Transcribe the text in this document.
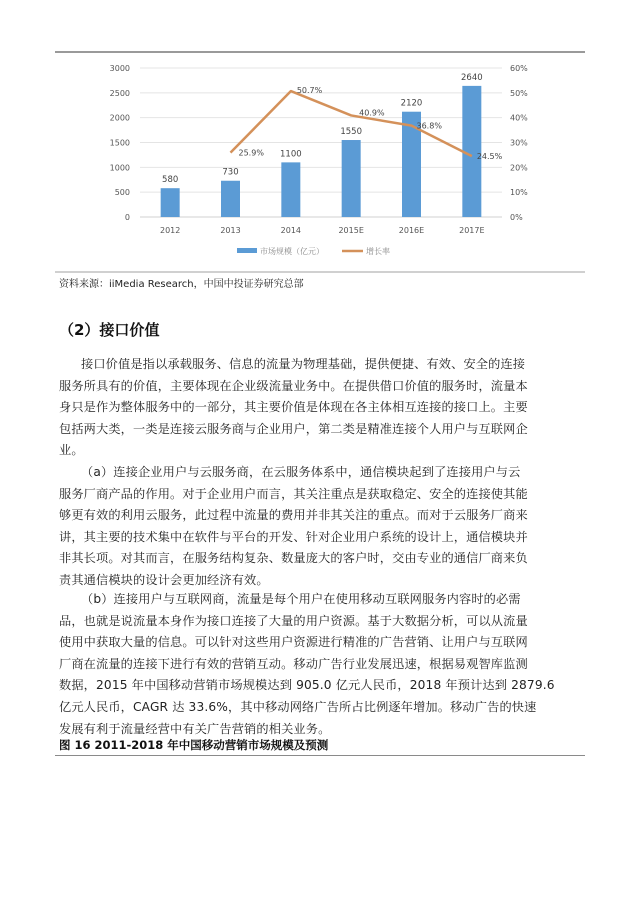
0
500
1000
1500
2000
2500
3000
0%
10%
20%
30%
40%
50%
60%
580
730
1100
1550
2120
2640
25.9%
50.7%
40.9%
36.8%
24.5%
2012	2013	2014	2015E	2016E	2017E
市场规模（亿元）	增长率
资料来源：iiMedia Research，中国中投证券研究总部
（2）接口价值
接口价值是指以承载服务、信息的流量为物理基础，提供便捷、有效、安全的连接
服务所具有的价值，主要体现在企业级流量业务中。在提供借口价值的服务时，流量本
身只是作为整体服务中的一部分，其主要价值是体现在各主体相互连接的接口上。主要
包括两大类，一类是连接云服务商与企业用户，第二类是精准连接个人用户与互联网企
业。
（a）连接企业用户与云服务商，在云服务体系中，通信模块起到了连接用户与云
服务厂商产品的作用。对于企业用户而言，其关注重点是获取稳定、安全的连接使其能
够更有效的利用云服务，此过程中流量的费用并非其关注的重点。而对于云服务厂商来
讲，其主要的技术集中在软件与平台的开发、针对企业用户系统的设计上，通信模块并
非其长项。对其而言，在服务结构复杂、数量庞大的客户时，交由专业的通信厂商来负
责其通信模块的设计会更加经济有效。
（b）连接用户与互联网商，流量是每个用户在使用移动互联网服务内容时的必需
品，也就是说流量本身作为接口连接了大量的用户资源。基于大数据分析，可以从流量
使用中获取大量的信息。可以针对这些用户资源进行精准的广告营销、让用户与互联网
厂商在流量的连接下进行有效的营销互动。移动广告行业发展迅速，根据易观智库监测
数据，2015 年中国移动营销市场规模达到 905.0 亿元人民币，2018 年预计达到 2879.6
亿元人民币，CAGR 达 33.6%，其中移动网络广告所占比例逐年增加。移动广告的快速
发展有利于流量经营中有关广告营销的相关业务。
图 16 2011-2018 年中国移动营销市场规模及预测
